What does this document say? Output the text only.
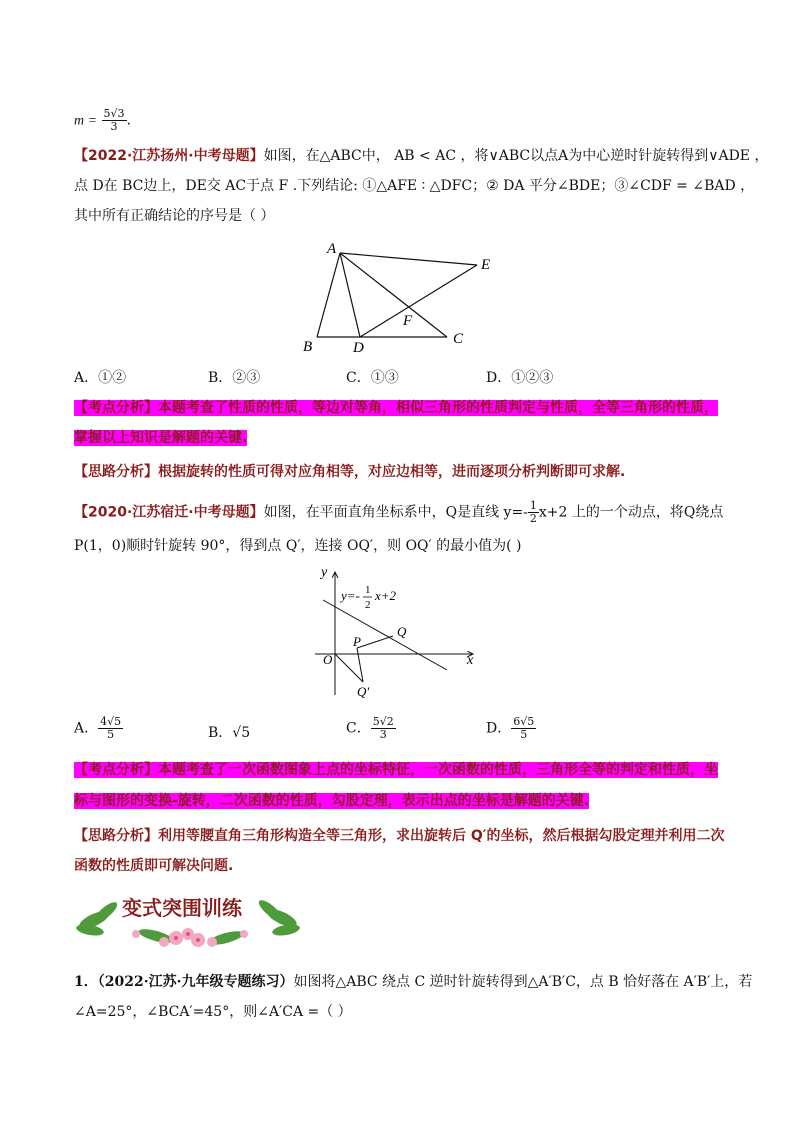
$m = \frac{5√3}{3}$ .
【2022·江苏扬州·中考母题】如图，在△ABC中， AB < AC ，将∨ABC以点A为中心逆时针旋转得到∨ADE ，
点 D在 BC边上，DE交 AC于点 F .下列结论: ①△AFE ∶ △DFC；② DA 平分∠BDE；③∠CDF = ∠BAD ，
其中所有正确结论的序号是（ ）
A
B	C
D
E
F
A．①②	B．②③	C．①③	D．①②③
【考点分析】本题考查了性质的性质，等边对等角，相似三角形的性质判定与性质，全等三角形的性质，
掌握以上知识是解题的关键.
【思路分析】根据旋转的性质可得对应角相等，对应边相等，进而逐项分析判断即可求解.
【2020·江苏宿迁·中考母题】如图，在平面直角坐标系中，Q是直线 $y=- \frac{1}{2} x+2$ 上的一个动点，将Q绕点
P(1，0)顺时针旋转 90°，得到点 Q′，连接 OQ′，则 OQ′ 的最小值为( )
y
x
O
P
Q
Q′
y=- 1
2
x+2
A． $\frac{4√5}{5}$	B．√5	C． $\frac{5√2}{3}$	D． $\frac{6√5}{5}$
【考点分析】本题考查了一次函数图象上点的坐标特征，一次函数的性质，三角形全等的判定和性质，坐
标与图形的变换-旋转，二次函数的性质，勾股定理，表示出点的坐标是解题的关键.
【思路分析】利用等腰直角三角形构造全等三角形，求出旋转后 Q′的坐标，然后根据勾股定理并利用二次
函数的性质即可解决问题.
变式突围训练
1．（2022·江苏·九年级专题练习）如图将△ABC 绕点 C 逆时针旋转得到△A′B′C，点 B 恰好落在 A′B′上，若
∠A=25°，∠BCA′=45°，则∠A′CA =（ ）
